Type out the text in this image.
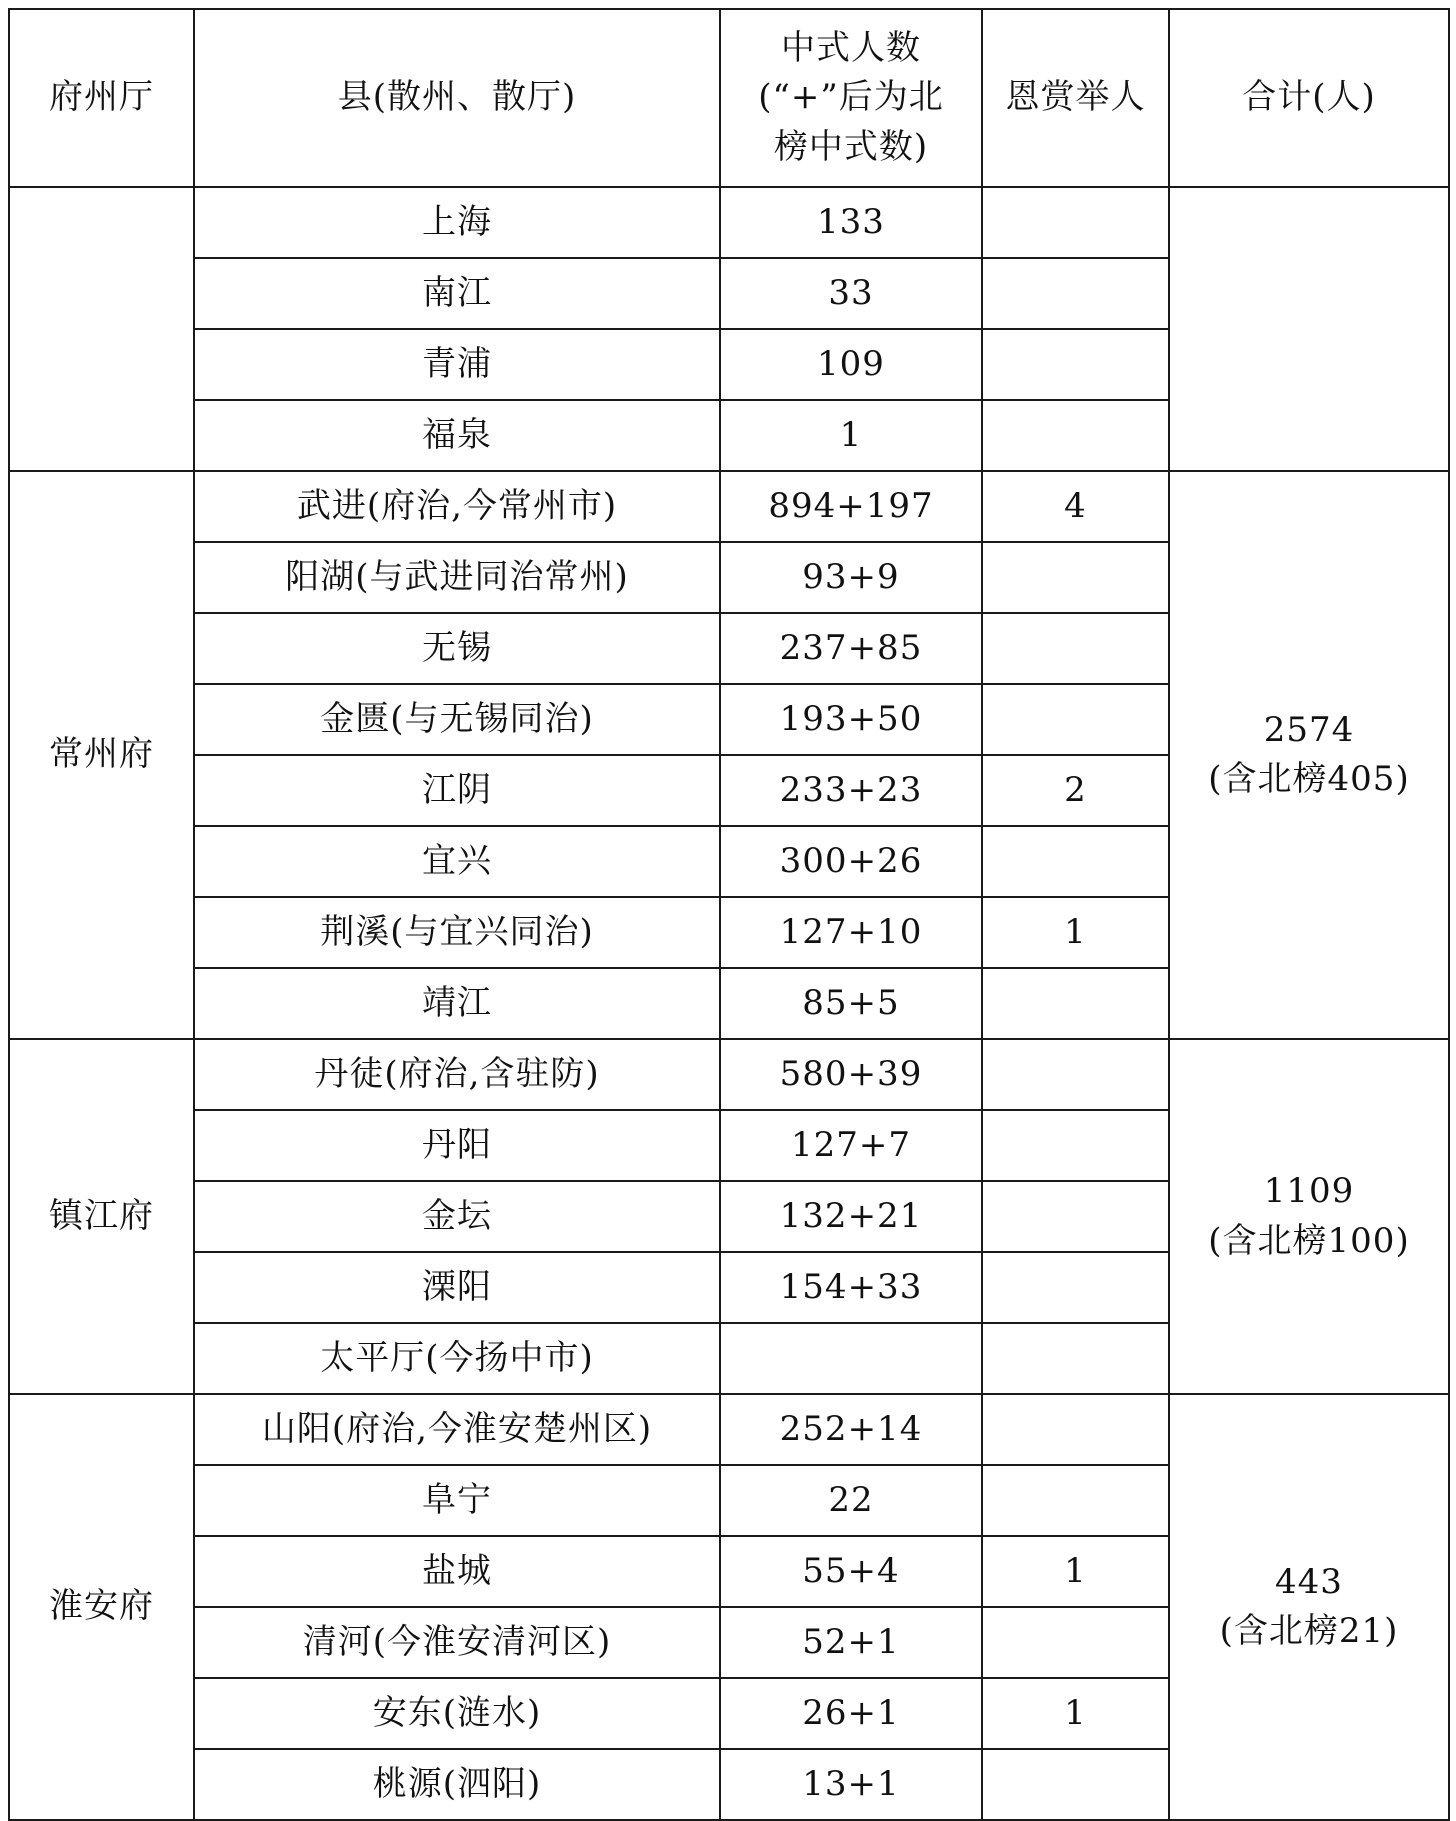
府州厅	县(散州、散厅)	中式人数
(“+”后为北
榜中式数)	恩赏举人	合计(人)
	上海	133		

	南江	33		
	青浦	109		
	福泉	1		
常州府	武进(府治,今常州市)	894+197	4	2574
(含北榜405)

	阳湖(与武进同治常州)	93+9		
	无锡	237+85		
	金匮(与无锡同治)	193+50		
	江阴	233+23	2	
	宜兴	300+26		
	荆溪(与宜兴同治)	127+10	1	
	靖江	85+5		
镇江府	丹徒(府治,含驻防)	580+39		1109
(含北榜100)

	丹阳	127+7		
	金坛	132+21		
	溧阳	154+33		
	太平厅(今扬中市)			
淮安府	山阳(府治,今淮安楚州区)	252+14		443
(含北榜21)

	阜宁	22		
	盐城	55+4	1	
	清河(今淮安清河区)	52+1		
	安东(涟水)	26+1	1	
	桃源(泗阳)	13+1		
